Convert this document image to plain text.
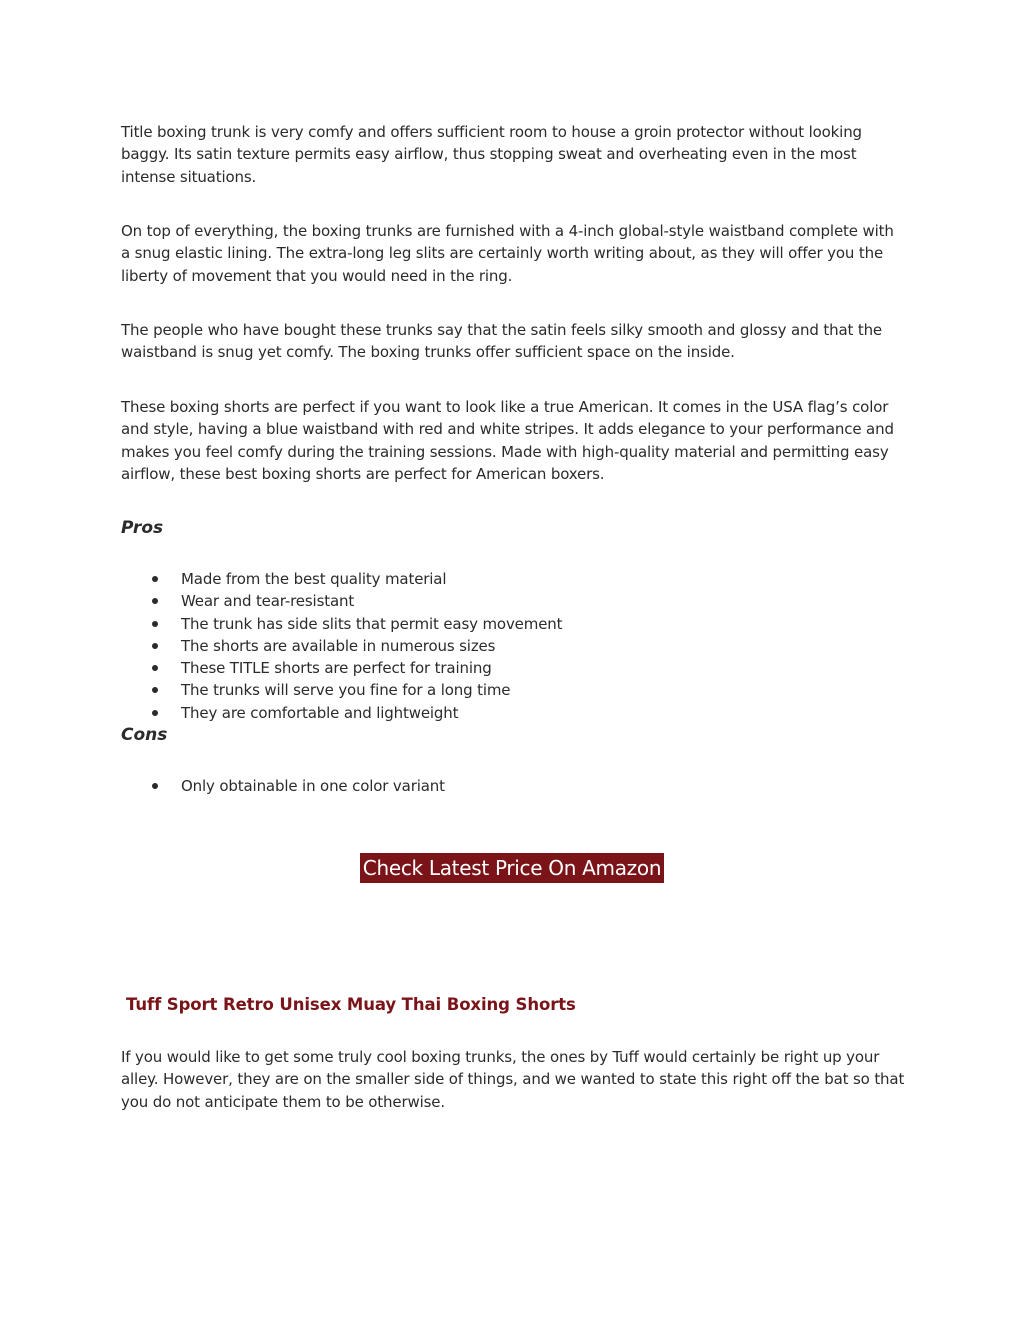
Title boxing trunk is very comfy and offers sufficient room to house a groin protector without looking baggy. Its satin texture permits easy airflow, thus stopping sweat and overheating even in the most intense situations.

On top of everything, the boxing trunks are furnished with a 4-inch global-style waistband complete with a snug elastic lining. The extra-long leg slits are certainly worth writing about, as they will offer you the liberty of movement that you would need in the ring.

The people who have bought these trunks say that the satin feels silky smooth and glossy and that the waistband is snug yet comfy. The boxing trunks offer sufficient space on the inside.

These boxing shorts are perfect if you want to look like a true American. It comes in the USA flag’s color and style, having a blue waistband with red and white stripes. It adds elegance to your performance and makes you feel comfy during the training sessions. Made with high-quality material and permitting easy airflow, these best boxing shorts are perfect for American boxers.

Pros
Made from the best quality material
Wear and tear-resistant
The trunk has side slits that permit easy movement
The shorts are available in numerous sizes
These TITLE shorts are perfect for training
The trunks will serve you fine for a long time
They are comfortable and lightweight
Cons
Only obtainable in one color variant

If you would like to get some truly cool boxing trunks, the ones by Tuff would certainly be right up your alley. However, they are on the smaller side of things, and we wanted to state this right off the bat so that you do not anticipate them to be otherwise.

Check Latest Price On Amazon
Tuff Sport Retro Unisex Muay Thai Boxing Shorts
